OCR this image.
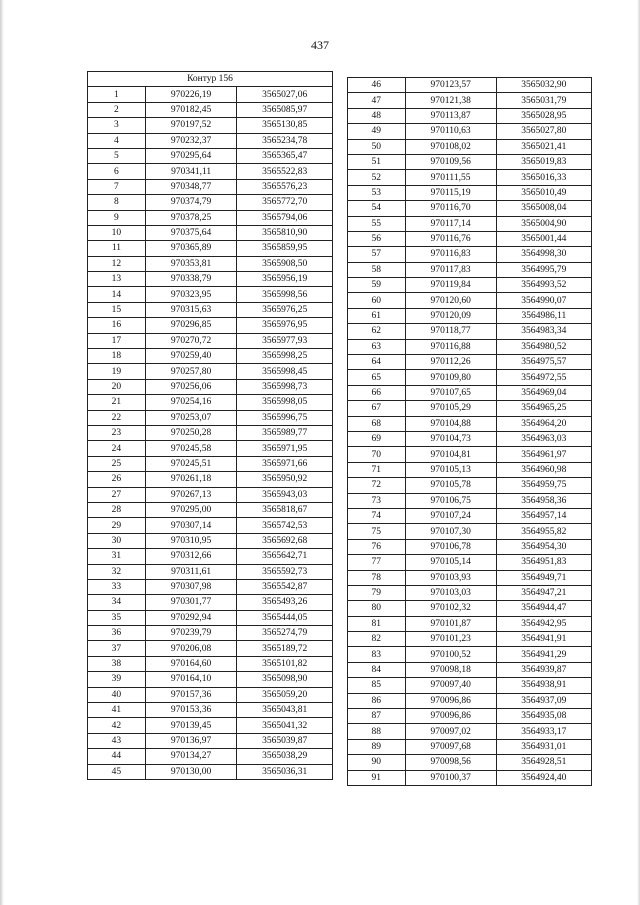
437
Контур 156		
1	970226,19	3565027,06
2	970182,45	3565085,97
3	970197,52	3565130,85
4	970232,37	3565234,78
5	970295,64	3565365,47
6	970341,11	3565522,83
7	970348,77	3565576,23
8	970374,79	3565772,70
9	970378,25	3565794,06
10	970375,64	3565810,90
11	970365,89	3565859,95
12	970353,81	3565908,50
13	970338,79	3565956,19
14	970323,95	3565998,56
15	970315,63	3565976,25
16	970296,85	3565976,95
17	970270,72	3565977,93
18	970259,40	3565998,25
19	970257,80	3565998,45
20	970256,06	3565998,73
21	970254,16	3565998,05
22	970253,07	3565996,75
23	970250,28	3565989,77
24	970245,58	3565971,95
25	970245,51	3565971,66
26	970261,18	3565950,92
27	970267,13	3565943,03
28	970295,00	3565818,67
29	970307,14	3565742,53
30	970310,95	3565692,68
31	970312,66	3565642,71
32	970311,61	3565592,73
33	970307,98	3565542,87
34	970301,77	3565493,26
35	970292,94	3565444,05
36	970239,79	3565274,79
37	970206,08	3565189,72
38	970164,60	3565101,82
39	970164,10	3565098,90
40	970157,36	3565059,20
41	970153,36	3565043,81
42	970139,45	3565041,32
43	970136,97	3565039,87
44	970134,27	3565038,29
45	970130,00	3565036,31
46	970123,57	3565032,90
47	970121,38	3565031,79
48	970113,87	3565028,95
49	970110,63	3565027,80
50	970108,02	3565021,41
51	970109,56	3565019,83
52	970111,55	3565016,33
53	970115,19	3565010,49
54	970116,70	3565008,04
55	970117,14	3565004,90
56	970116,76	3565001,44
57	970116,83	3564998,30
58	970117,83	3564995,79
59	970119,84	3564993,52
60	970120,60	3564990,07
61	970120,09	3564986,11
62	970118,77	3564983,34
63	970116,88	3564980,52
64	970112,26	3564975,57
65	970109,80	3564972,55
66	970107,65	3564969,04
67	970105,29	3564965,25
68	970104,88	3564964,20
69	970104,73	3564963,03
70	970104,81	3564961,97
71	970105,13	3564960,98
72	970105,78	3564959,75
73	970106,75	3564958,36
74	970107,24	3564957,14
75	970107,30	3564955,82
76	970106,78	3564954,30
77	970105,14	3564951,83
78	970103,93	3564949,71
79	970103,03	3564947,21
80	970102,32	3564944,47
81	970101,87	3564942,95
82	970101,23	3564941,91
83	970100,52	3564941,29
84	970098,18	3564939,87
85	970097,40	3564938,91
86	970096,86	3564937,09
87	970096,86	3564935,08
88	970097,02	3564933,17
89	970097,68	3564931,01
90	970098,56	3564928,51
91	970100,37	3564924,40
